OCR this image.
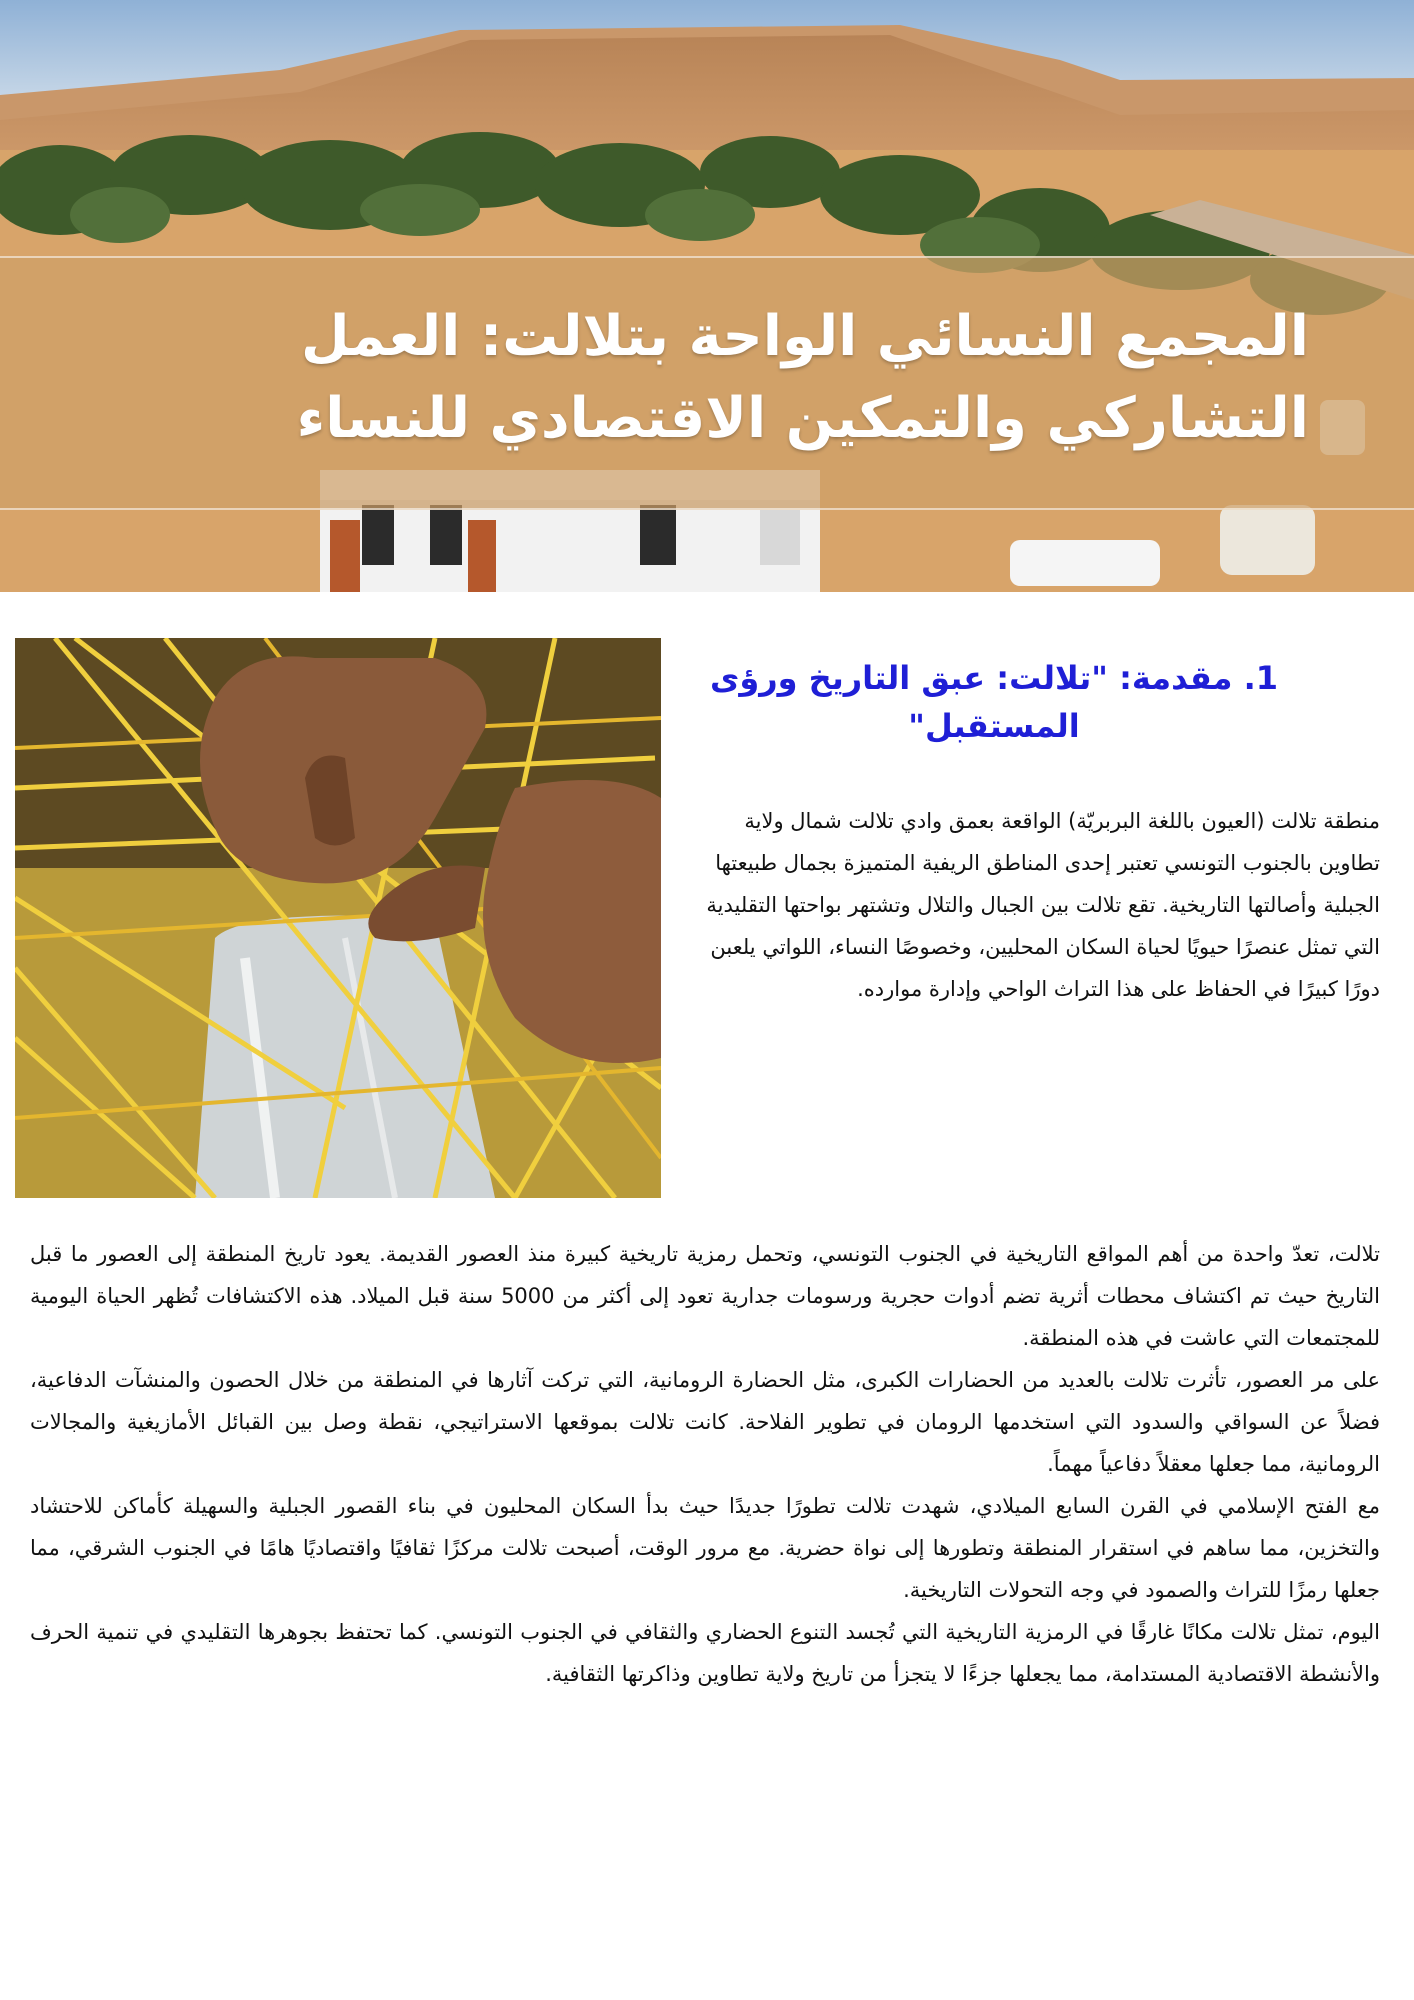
المجمع النسائي الواحة بتلالت: العمل
التشاركي والتمكين الاقتصادي للنساء
1. مقدمة: "تلالت: عبق التاريخ ورؤى المستقبل"

منطقة تلالت (العيون باللغة البربريّة) الواقعة بعمق وادي تلالت شمال ولاية تطاوين بالجنوب التونسي تعتبر إحدى المناطق الريفية المتميزة بجمال طبيعتها الجبلية وأصالتها التاريخية. تقع تلالت بين الجبال والتلال وتشتهر بواحتها التقليدية التي تمثل عنصرًا حيويًا لحياة السكان المحليين، وخصوصًا النساء، اللواتي يلعبن دورًا كبيرًا في الحفاظ على هذا التراث الواحي وإدارة موارده.

تلالت، تعدّ واحدة من أهم المواقع التاريخية في الجنوب التونسي، وتحمل رمزية تاريخية كبيرة منذ العصور القديمة. يعود تاريخ المنطقة إلى العصور ما قبل التاريخ حيث تم اكتشاف محطات أثرية تضم أدوات حجرية ورسومات جدارية تعود إلى أكثر من 5000 سنة قبل الميلاد. هذه الاكتشافات تُظهر الحياة اليومية للمجتمعات التي عاشت في هذه المنطقة.

على مر العصور، تأثرت تلالت بالعديد من الحضارات الكبرى، مثل الحضارة الرومانية، التي تركت آثارها في المنطقة من خلال الحصون والمنشآت الدفاعية، فضلاً عن السواقي والسدود التي استخدمها الرومان في تطوير الفلاحة. كانت تلالت بموقعها الاستراتيجي، نقطة وصل بين القبائل الأمازيغية والمجالات الرومانية، مما جعلها معقلاً دفاعياً مهماً.

مع الفتح الإسلامي في القرن السابع الميلادي، شهدت تلالت تطورًا جديدًا حيث بدأ السكان المحليون في بناء القصور الجبلية والسهيلة كأماكن للاحتشاد والتخزين، مما ساهم في استقرار المنطقة وتطورها إلى نواة حضرية. مع مرور الوقت، أصبحت تلالت مركزًا ثقافيًا واقتصاديًا هامًا في الجنوب الشرقي، مما جعلها رمزًا للتراث والصمود في وجه التحولات التاريخية.

اليوم، تمثل تلالت مكانًا غارقًا في الرمزية التاريخية التي تُجسد التنوع الحضاري والثقافي في الجنوب التونسي. كما تحتفظ بجوهرها التقليدي في تنمية الحرف والأنشطة الاقتصادية المستدامة، مما يجعلها جزءًا لا يتجزأ من تاريخ ولاية تطاوين وذاكرتها الثقافية.
